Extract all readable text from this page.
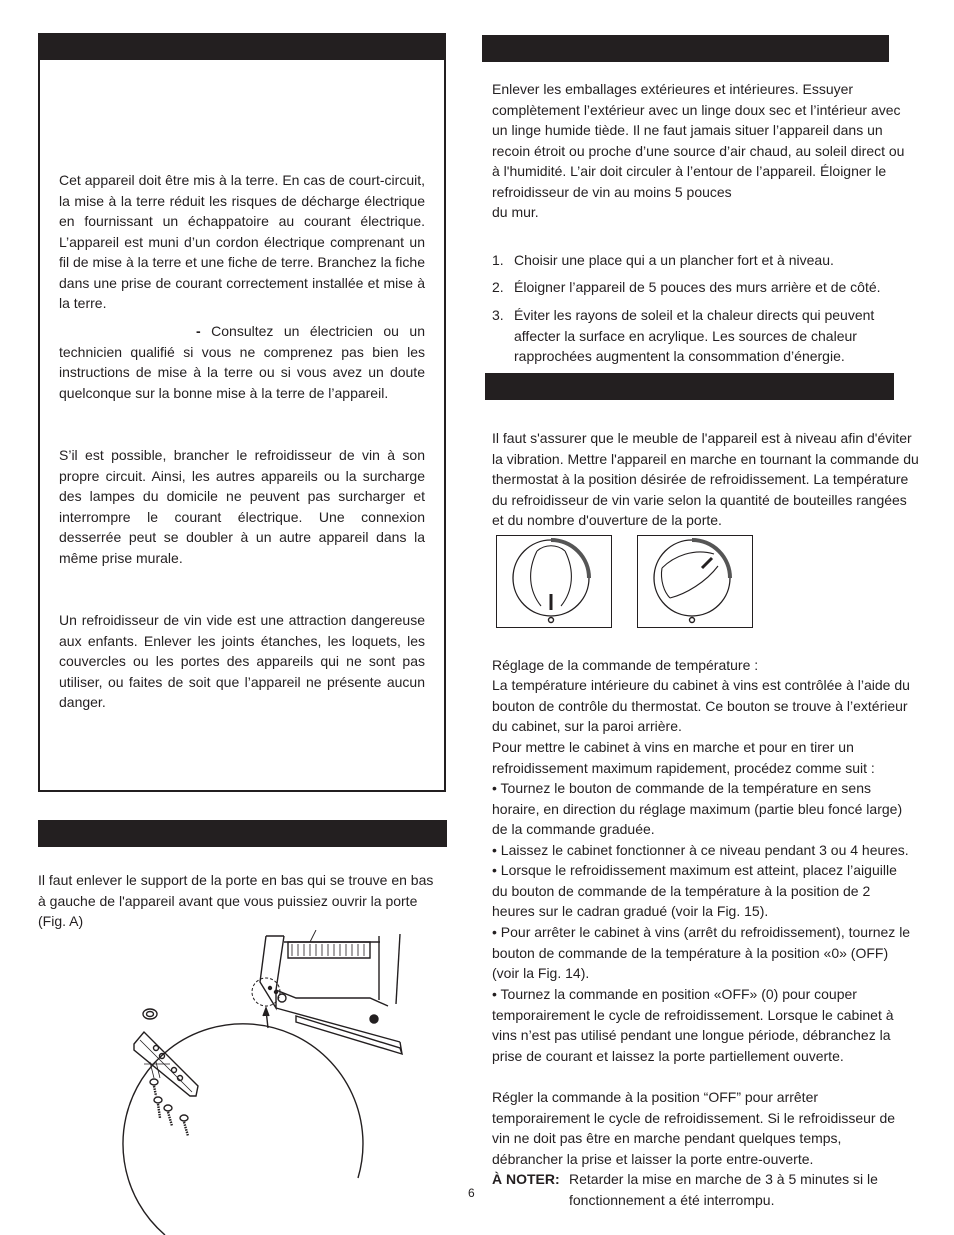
Cet appareil doit être mis à la terre. En cas de court-circuit, la mise à la terre réduit les risques de décharge électrique en fournissant un échappatoire au courant électrique. L’appareil est muni d’un cordon électrique comprenant un fil de mise à la terre et une fiche de terre. Branchez la fiche dans une prise de courant correctement installée et mise à la terre.
- Consultez un électricien ou un technicien qualifié si vous ne comprenez pas bien les instructions de mise à la terre ou si vous avez un doute quelconque sur la bonne mise à la terre de l’appareil.
S’il est possible, brancher le refroidisseur de vin à son propre circuit. Ainsi, les autres appareils ou la surcharge des lampes du domicile ne peuvent pas surcharger et interrompre le courant électrique. Une connexion desserrée peut se doubler à un autre appareil dans la même prise murale.
Un refroidisseur de vin vide est une attraction dangereuse aux enfants. Enlever les joints étanches, les loquets, les couvercles ou les portes des appareils qui ne sont pas utiliser, ou faites de soit que l’appareil ne présente aucun danger.
Il faut enlever le support de la porte en bas qui se trouve en bas à gauche de l'appareil avant que vous puissiez ouvrir la porte (Fig. A)
Enlever les emballages extérieures et intérieures. Essuyer complètement l’extérieur avec un linge doux sec et l’intérieur avec un linge humide tiède. Il ne faut jamais situer l’appareil dans un recoin étroit ou proche d’une source d’air chaud, au soleil direct ou à l'humidité. L’air doit circuler à l’entour de l’appareil. Éloigner le refroidisseur de vin au moins 5 pouces
du mur.
1. Choisir une place qui a un plancher fort et à niveau.
2. Éloigner l’appareil de 5 pouces des murs arrière et de côté.
3. Éviter les rayons de soleil et la chaleur directs qui peuvent affecter la surface en acrylique. Les sources de chaleur rapprochées augmentent la consommation d’énergie.
Il faut s'assurer que le meuble de l'appareil est à niveau afin d'éviter la vibration. Mettre l'appareil en marche en tournant la commande du thermostat à la position désirée de refroidissement. La température du refroidisseur de vin varie selon la quantité de bouteilles rangées et du nombre d'ouverture de la porte.
Réglage de la commande de température :
La température intérieure du cabinet à vins est contrôlée à l’aide du bouton de contrôle du thermostat. Ce bouton se trouve à l’extérieur du cabinet, sur la paroi arrière.
Pour mettre le cabinet à vins en marche et pour en tirer un refroidissement maximum rapidement, procédez comme suit :
• Tournez le bouton de commande de la température en sens horaire, en direction du réglage maximum (partie bleu foncé large) de la commande graduée.
• Laissez le cabinet fonctionner à ce niveau pendant 3 ou 4 heures.
• Lorsque le refroidissement maximum est atteint, placez l’aiguille du bouton de commande de la température à la position de 2 heures sur le cadran gradué (voir la Fig. 15).
• Pour arrêter le cabinet à vins (arrêt du refroidissement), tournez le bouton de commande de la température à la position «0» (OFF) (voir la Fig. 14).
• Tournez la commande en position «OFF» (0) pour couper temporairement le cycle de refroidissement. Lorsque le cabinet à vins n’est pas utilisé pendant une longue période, débranchez la prise de courant et laissez la porte partiellement ouverte.
Régler la commande à la position “OFF” pour arrêter temporairement le cycle de refroidissement. Si le refroidisseur de vin ne doit pas être en marche pendant quelques temps, débrancher la prise et laisser la porte entre-ouverte.
À NOTER: Retarder la mise en marche de 3 à 5 minutes si le fonctionnement a été interrompu.
6
